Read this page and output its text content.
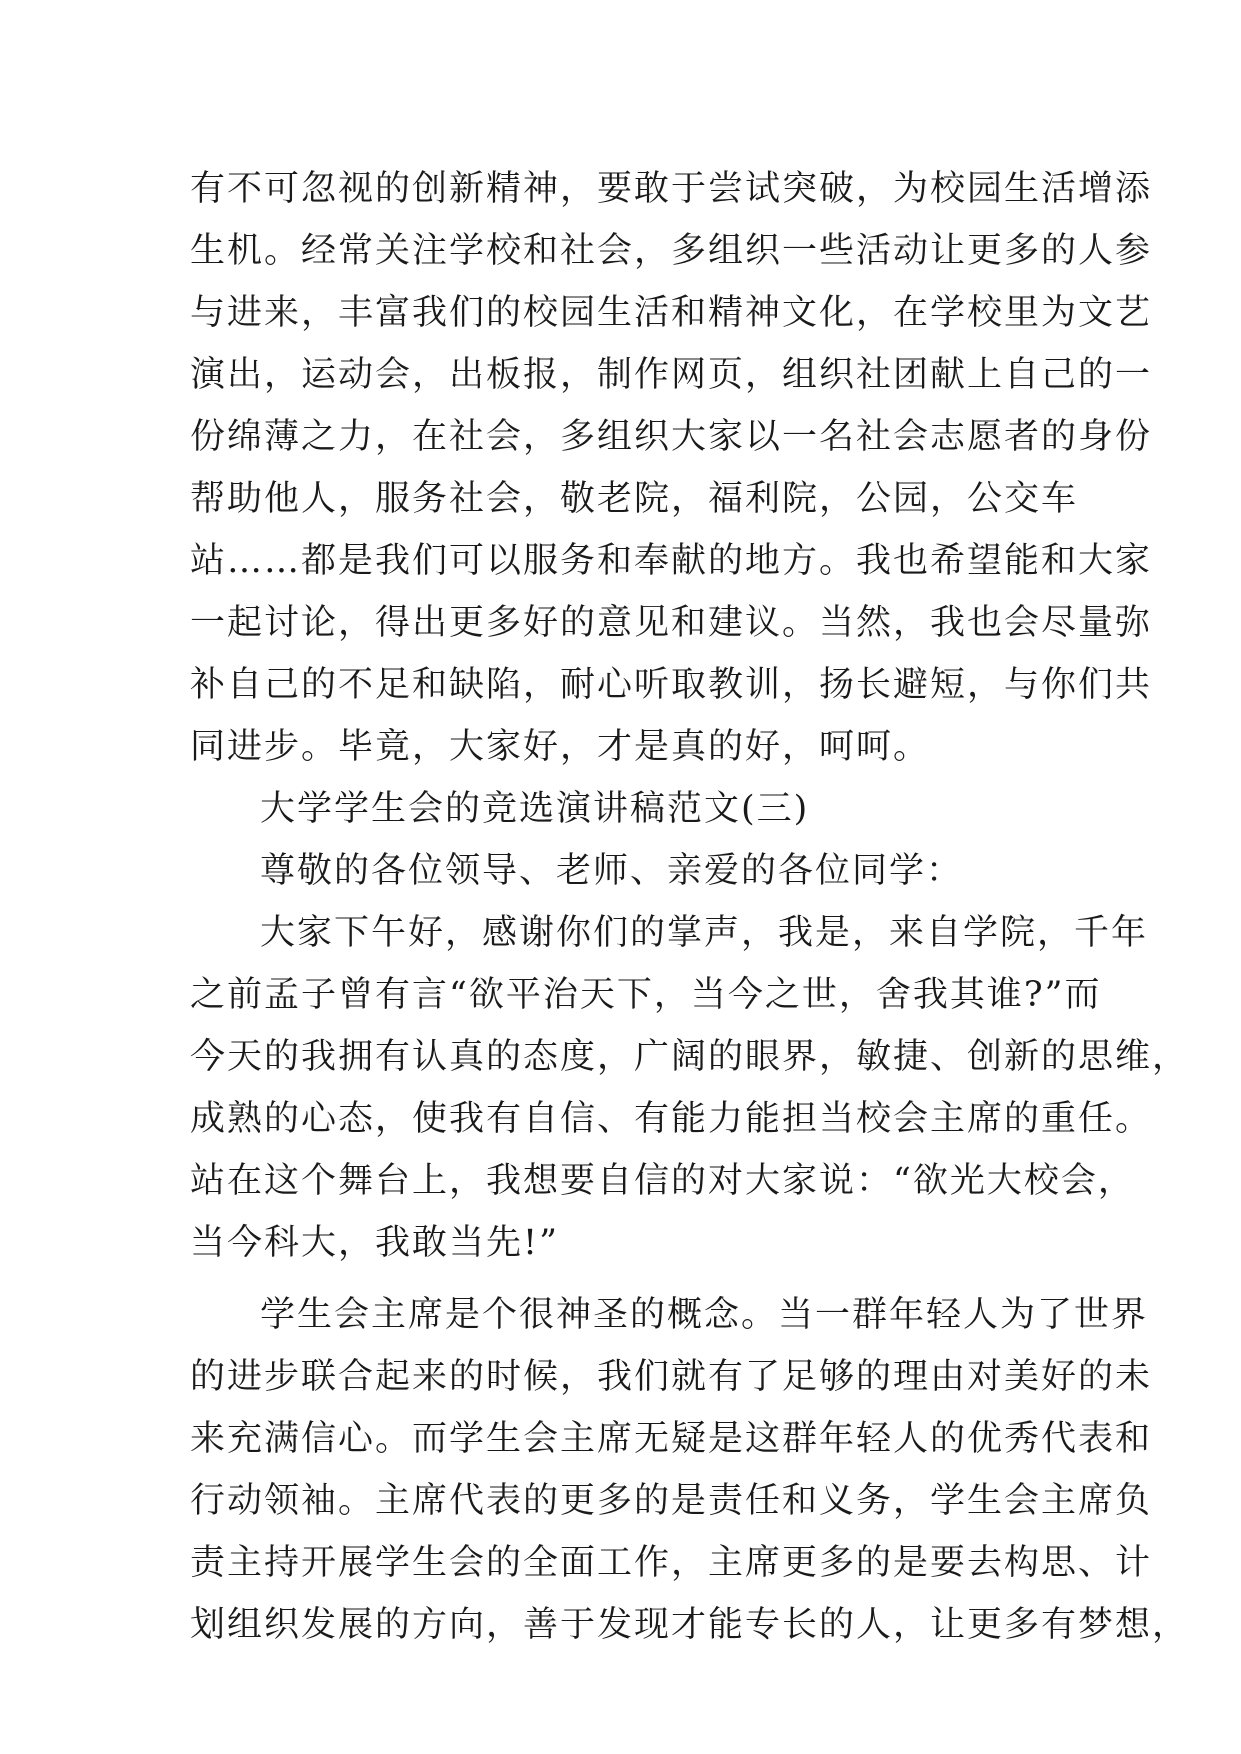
有不可忽视的创新精神，要敢于尝试突破，为校园生活增添
生机。经常关注学校和社会，多组织一些活动让更多的人参
与进来，丰富我们的校园生活和精神文化，在学校里为文艺
演出，运动会，出板报，制作网页，组织社团献上自己的一
份绵薄之力，在社会，多组织大家以一名社会志愿者的身份
帮助他人，服务社会，敬老院，福利院，公园，公交车
站……都是我们可以服务和奉献的地方。我也希望能和大家
一起讨论，得出更多好的意见和建议。当然，我也会尽量弥
补自己的不足和缺陷，耐心听取教训，扬长避短，与你们共
同进步。毕竟，大家好，才是真的好，呵呵。
大学学生会的竞选演讲稿范文(三)
尊敬的各位领导、老师、亲爱的各位同学：
大家下午好，感谢你们的掌声，我是，来自学院，千年
之前孟子曾有言“欲平治天下，当今之世，舍我其谁?”而
今天的我拥有认真的态度，广阔的眼界，敏捷、创新的思维，
成熟的心态，使我有自信、有能力能担当校会主席的重任。
站在这个舞台上，我想要自信的对大家说：“欲光大校会，
当今科大，我敢当先!”
学生会主席是个很神圣的概念。当一群年轻人为了世界
的进步联合起来的时候，我们就有了足够的理由对美好的未
来充满信心。而学生会主席无疑是这群年轻人的优秀代表和
行动领袖。主席代表的更多的是责任和义务，学生会主席负
责主持开展学生会的全面工作，主席更多的是要去构思、计
划组织发展的方向，善于发现才能专长的人，让更多有梦想，
